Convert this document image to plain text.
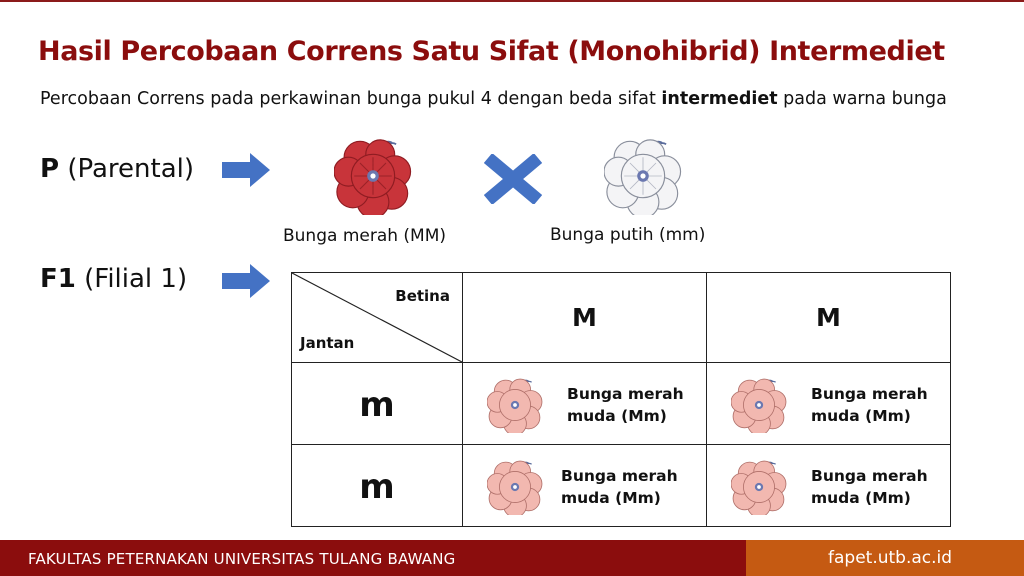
Hasil Percobaan Correns Satu Sifat (Monohibrid) Intermediet
Percobaan Correns pada perkawinan bunga pukul 4 dengan beda sifat intermediet pada warna bunga
P (Parental)
Bunga merah (MM)	Bunga putih (mm)
F1 (Filial 1)
Betina
Jantan	M	M

m	Bunga merah muda (Mm)	Bunga merah muda (Mm)

m	Bunga merah muda (Mm)	Bunga merah muda (Mm)
FAKULTAS PETERNAKAN UNIVERSITAS TULANG BAWANG	fapet.utb.ac.id
